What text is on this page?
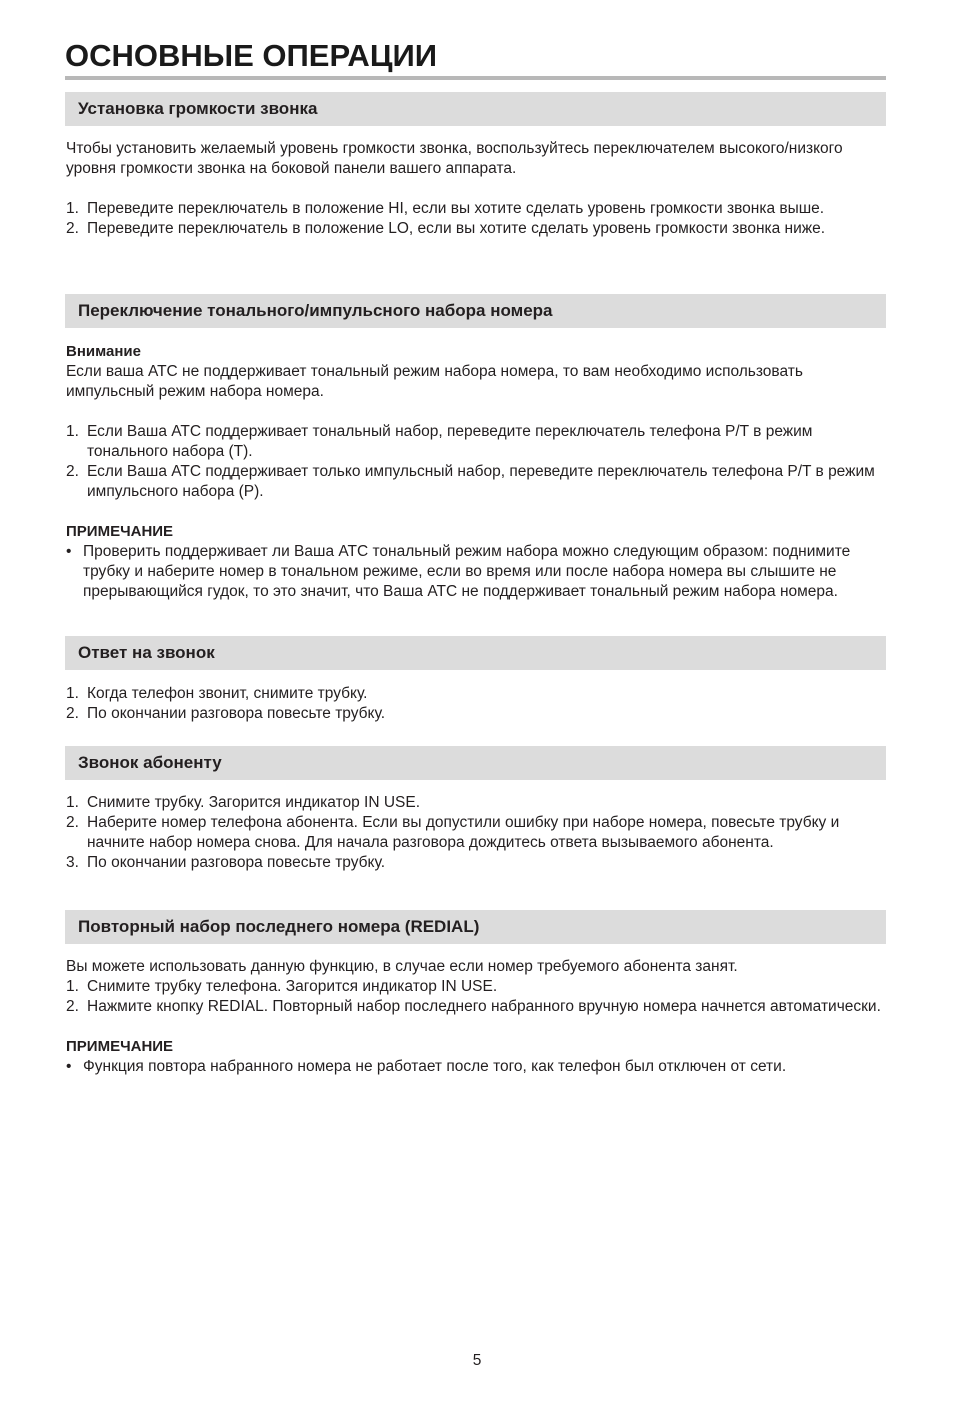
ОСНОВНЫЕ ОПЕРАЦИИ
Установка громкости звонка

Чтобы установить желаемый уровень громкости звонка, воспользуйтесь переключателем высокого/низкого уровня громкости звонка на боковой панели вашего аппарата.

1. Переведите переключатель в положение HI, если вы хотите сделать уровень громкости звонка выше.
2. Переведите переключатель в положение LO, если вы хотите сделать уровень громкости звонка ниже.
Переключение тонального/импульсного набора номера

Внимание

Если ваша АТС не поддерживает тональный режим набора номера, то вам необходимо использовать импульсный режим набора номера.

1. Если Ваша АТС поддерживает тональный набор, переведите переключатель телефона P/T в режим тонального набора (T).
2. Если Ваша АТС поддерживает только импульсный набор, переведите переключатель телефона P/T в режим импульсного набора (P).

ПРИМЕЧАНИЕ

• Проверить поддерживает ли Ваша АТС тональный режим набора можно следующим образом: поднимите трубку и наберите номер в тональном режиме, если во время или после набора номера вы слышите не прерывающийся гудок, то это значит, что Ваша АТС не поддерживает тональный режим набора номера.
Ответ на звонок
1. Когда телефон звонит, снимите трубку.
2. По окончании разговора повесьте трубку.
Звонок абоненту
1. Снимите трубку. Загорится индикатор IN USE.
2. Наберите номер телефона абонента. Если вы допустили ошибку при наборе номера, повесьте трубку и начните набор номера снова. Для начала разговора дождитесь ответа вызываемого абонента.
3. По окончании разговора повесьте трубку.
Повторный набор последнего номера (REDIAL)

Вы можете использовать данную функцию, в случае если номер требуемого абонента занят.

1. Снимите трубку телефона. Загорится индикатор IN USE.
2. Нажмите кнопку REDIAL. Повторный набор последнего набранного вручную номера начнется автоматически.

ПРИМЕЧАНИЕ

• Функция повтора набранного номера не работает после того, как телефон был отключен от сети.
5
